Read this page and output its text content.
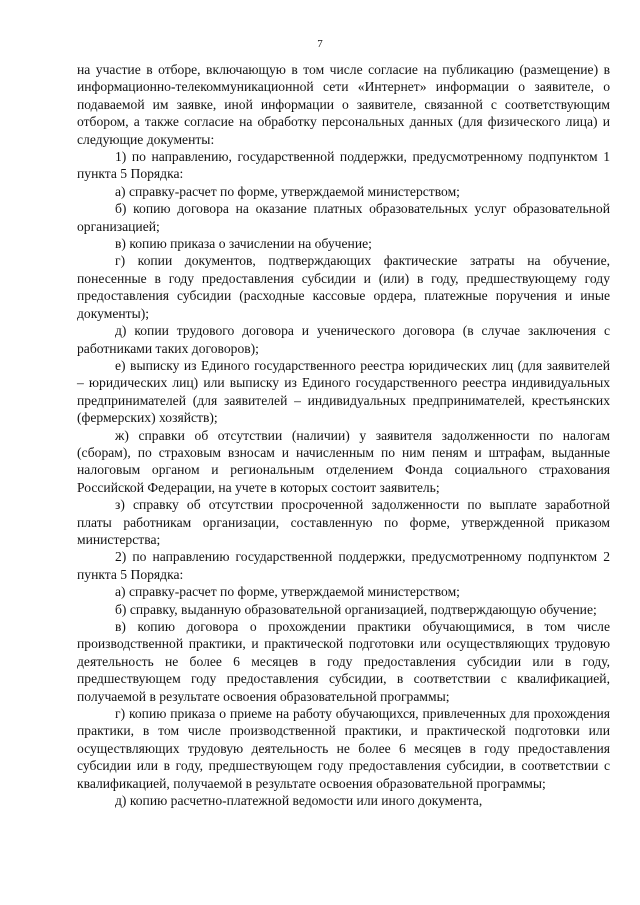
7

на участие в отборе, включающую в том числе согласие на публикацию (размещение) в информационно-телекоммуникационной сети «Интернет» информации о заявителе, о подаваемой им заявке, иной информации о заявителе, связанной с соответствующим отбором, а также согласие на обработку персональных данных (для физического лица) и следующие документы:

1) по направлению, государственной поддержки, предусмотренному подпунктом 1 пункта 5 Порядка:

а) справку-расчет по форме, утверждаемой министерством;

б) копию договора на оказание платных образовательных услуг образовательной организацией;

в) копию приказа о зачислении на обучение;

г) копии документов, подтверждающих фактические затраты на обучение, понесенные в году предоставления субсидии и (или) в году, предшествующему году предоставления субсидии (расходные кассовые ордера, платежные поручения и иные документы);

д) копии трудового договора и ученического договора (в случае заключения с работниками таких договоров);

е) выписку из Единого государственного реестра юридических лиц (для заявителей – юридических лиц) или выписку из Единого государственного реестра индивидуальных предпринимателей (для заявителей – индивидуальных предпринимателей, крестьянских (фермерских) хозяйств);

ж) справки об отсутствии (наличии) у заявителя задолженности по налогам (сборам), по страховым взносам и начисленным по ним пеням и штрафам, выданные налоговым органом и региональным отделением Фонда социального страхования Российской Федерации, на учете в которых состоит заявитель;

з) справку об отсутствии просроченной задолженности по выплате заработной платы работникам организации, составленную по форме, утвержденной приказом министерства;

2) по направлению государственной поддержки, предусмотренному подпунктом 2 пункта 5 Порядка:

а) справку-расчет по форме, утверждаемой министерством;

б) справку, выданную образовательной организацией, подтверждающую обучение;

в) копию договора о прохождении практики обучающимися, в том числе производственной практики, и практической подготовки или осуществляющих трудовую деятельность не более 6 месяцев в году предоставления субсидии или в году, предшествующем году предоставления субсидии, в соответствии с квалификацией, получаемой в результате освоения образовательной программы;

г) копию приказа о приеме на работу обучающихся, привлеченных для прохождения практики, в том числе производственной практики, и практической подготовки или осуществляющих трудовую деятельность не более 6 месяцев в году предоставления субсидии или в году, предшествующем году предоставления субсидии, в соответствии с квалификацией, получаемой в результате освоения образовательной программы;

д) копию расчетно-платежной ведомости или иного документа,
